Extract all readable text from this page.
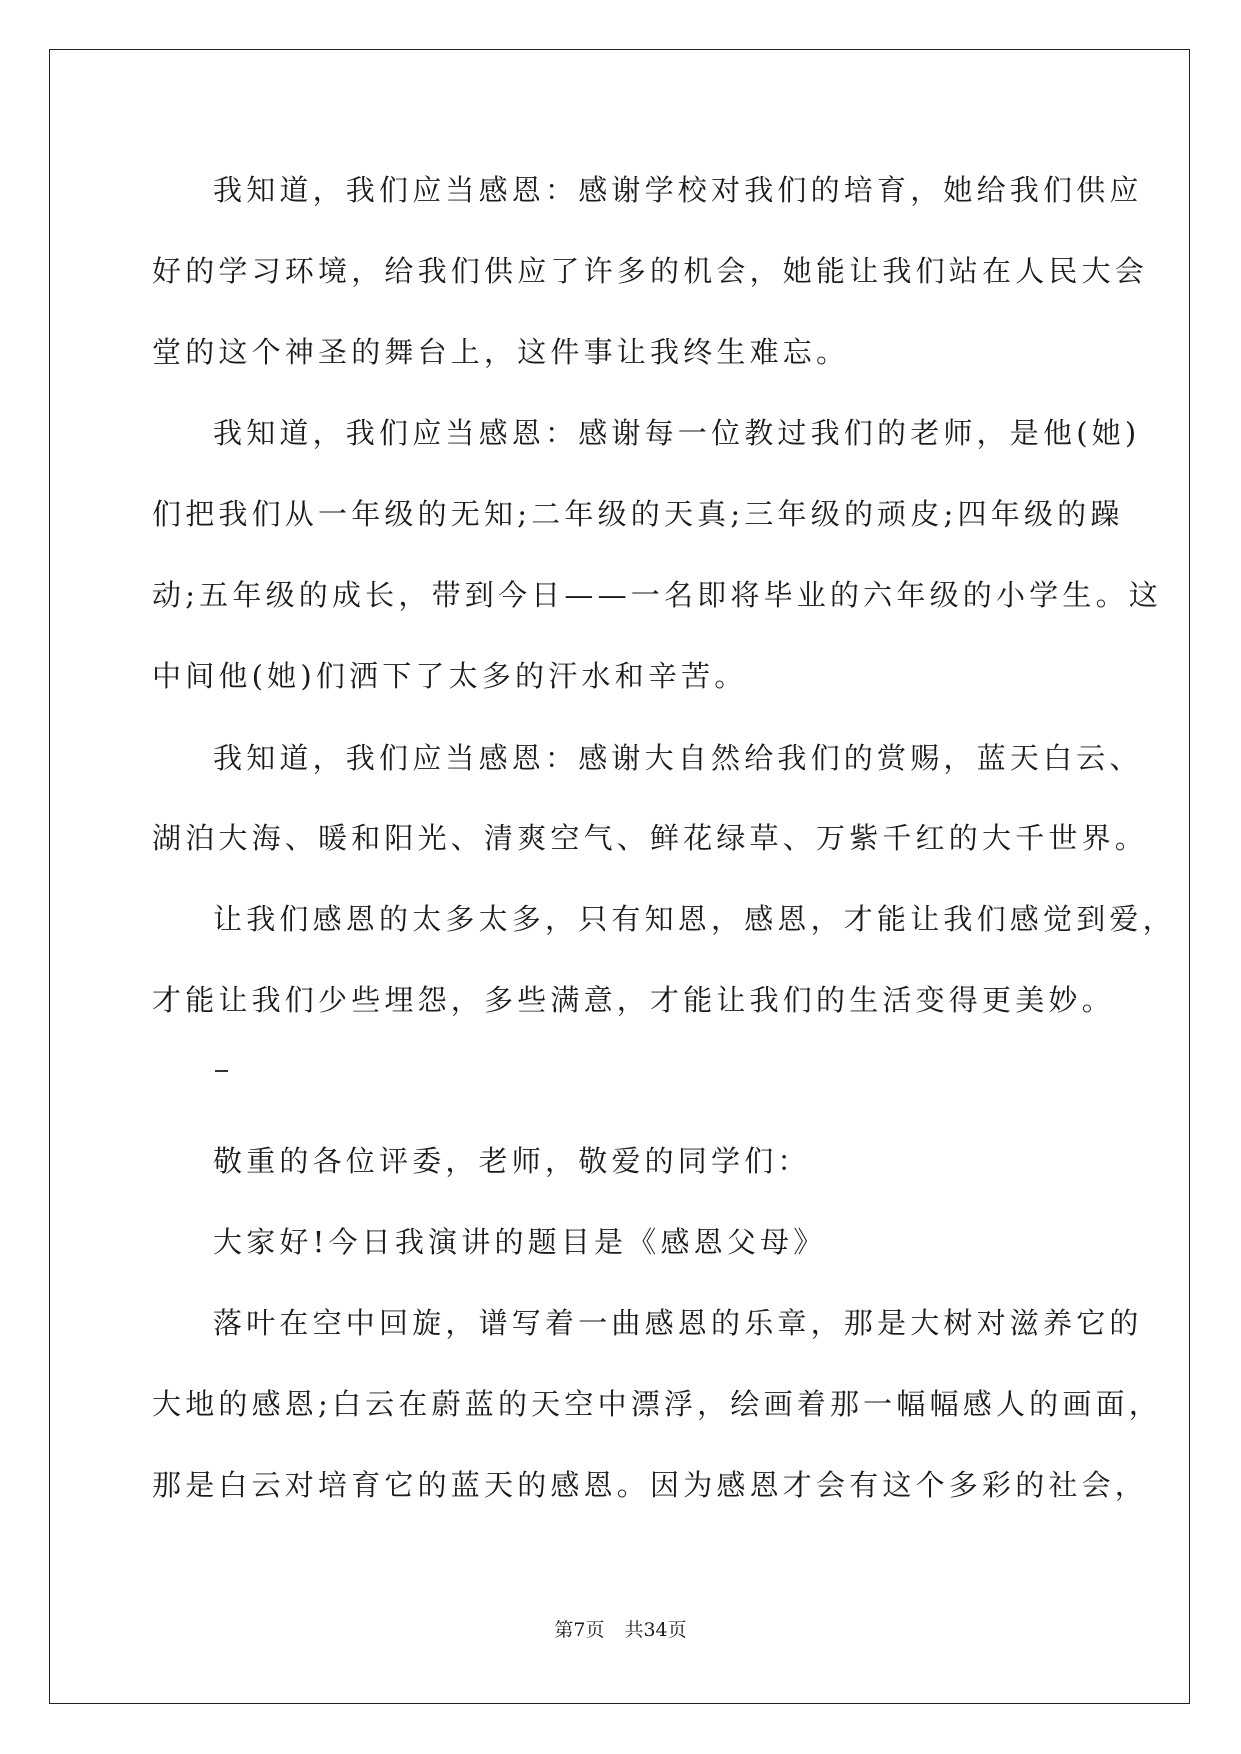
我知道，我们应当感恩：感谢学校对我们的培育，她给我们供应
好的学习环境，给我们供应了许多的机会，她能让我们站在人民大会
堂的这个神圣的舞台上，这件事让我终生难忘。
我知道，我们应当感恩：感谢每一位教过我们的老师，是他(她)
们把我们从一年级的无知;二年级的天真;三年级的顽皮;四年级的躁
动;五年级的成长，带到今日——一名即将毕业的六年级的小学生。这
中间他(她)们洒下了太多的汗水和辛苦。
我知道，我们应当感恩：感谢大自然给我们的赏赐，蓝天白云、
湖泊大海、暖和阳光、清爽空气、鲜花绿草、万紫千红的大千世界。
让我们感恩的太多太多，只有知恩，感恩，才能让我们感觉到爱，
才能让我们少些埋怨，多些满意，才能让我们的生活变得更美妙。
敬重的各位评委，老师，敬爱的同学们：
大家好!今日我演讲的题目是《感恩父母》
落叶在空中回旋，谱写着一曲感恩的乐章，那是大树对滋养它的
大地的感恩;白云在蔚蓝的天空中漂浮，绘画着那一幅幅感人的画面，
那是白云对培育它的蓝天的感恩。因为感恩才会有这个多彩的社会，
第7页 共34页
